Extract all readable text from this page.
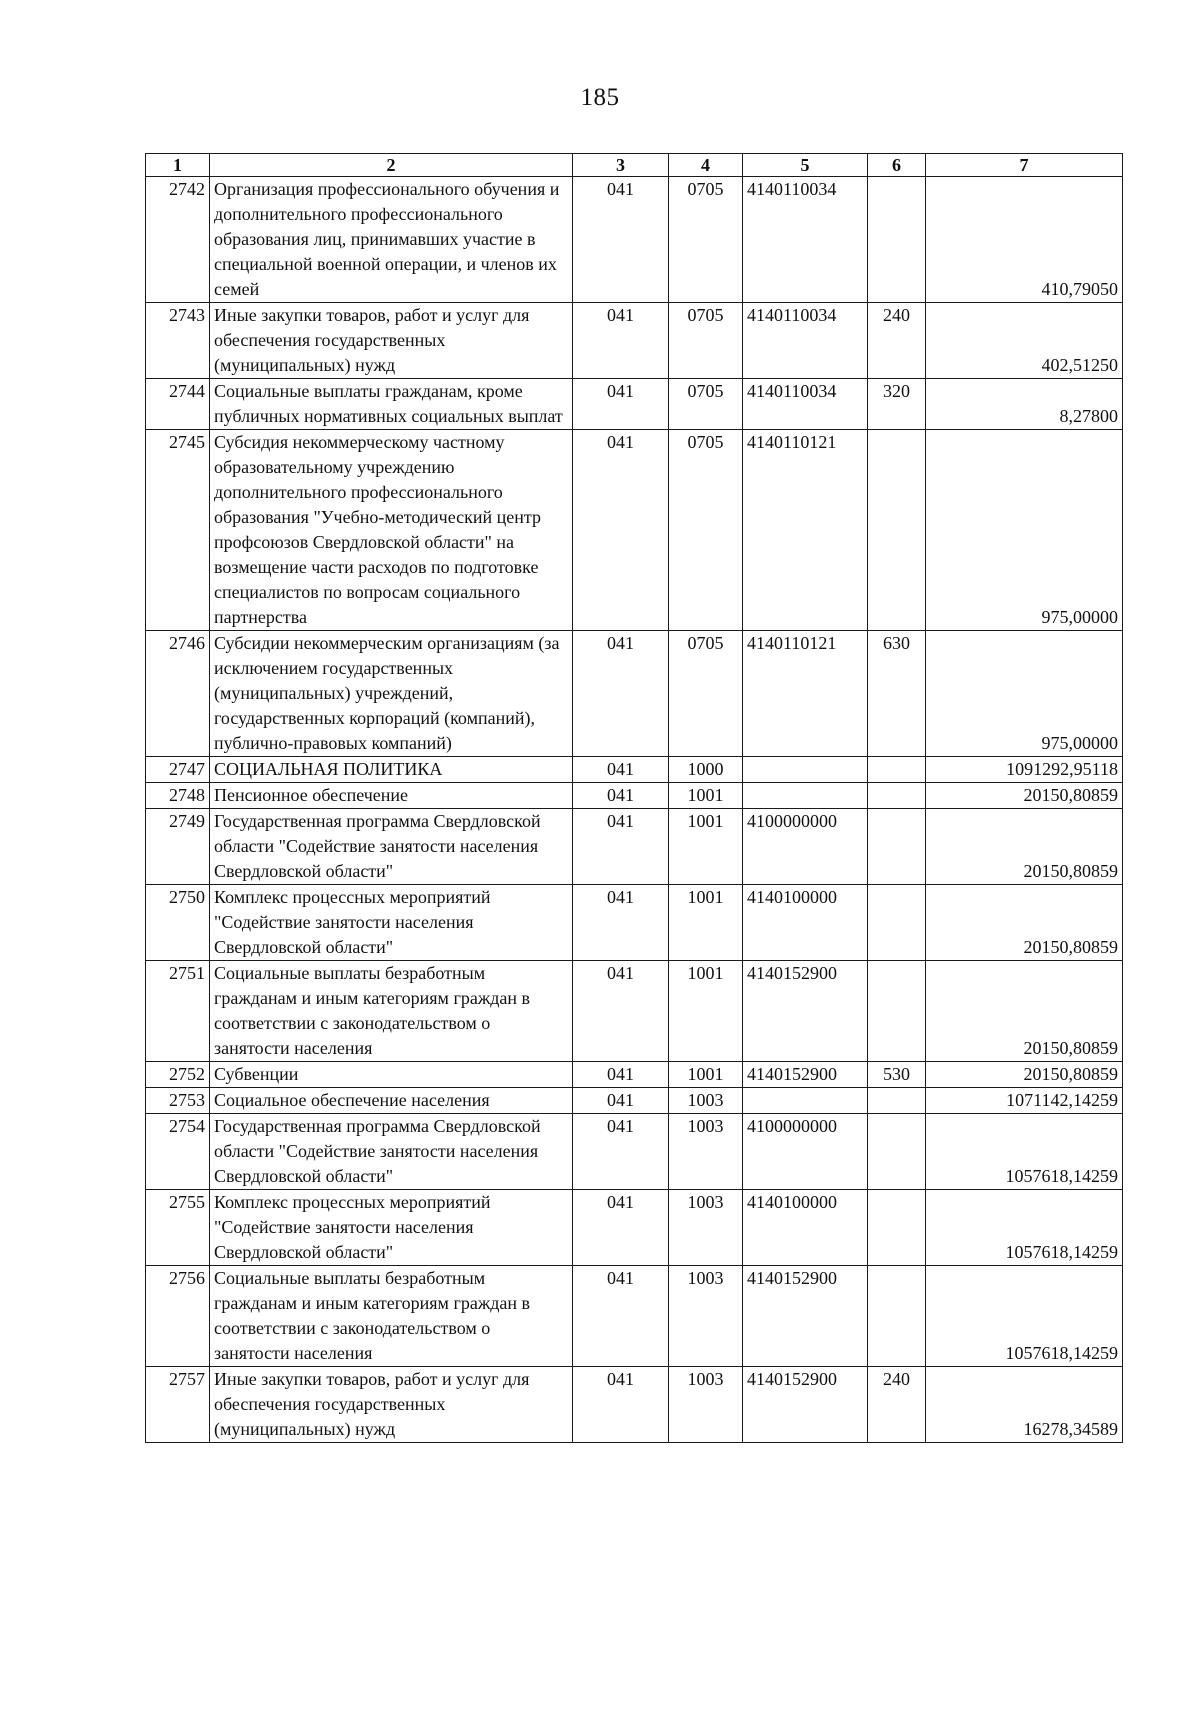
185
1	2	3	4	5	6	7
2742	Организация профессионального обучения и дополнительного профессионального образования лиц, принимавших участие в специальной военной операции, и членов их семей	041	0705	4140110034		410,79050
2743	Иные закупки товаров, работ и услуг для обеспечения государственных (муниципальных) нужд	041	0705	4140110034	240	402,51250
2744	Социальные выплаты гражданам, кроме публичных нормативных социальных выплат	041	0705	4140110034	320	8,27800
2745	Субсидия некоммерческому частному образовательному учреждению дополнительного профессионального образования "Учебно-методический центр профсоюзов Свердловской области" на возмещение части расходов по подготовке специалистов по вопросам социального партнерства	041	0705	4140110121		975,00000
2746	Субсидии некоммерческим организациям (за исключением государственных (муниципальных) учреждений, государственных корпораций (компаний), публично-правовых компаний)	041	0705	4140110121	630	975,00000
2747	СОЦИАЛЬНАЯ ПОЛИТИКА	041	1000			1091292,95118
2748	Пенсионное обеспечение	041	1001			20150,80859
2749	Государственная программа Свердловской области "Содействие занятости населения Свердловской области"	041	1001	4100000000		20150,80859
2750	Комплекс процессных мероприятий "Содействие занятости населения Свердловской области"	041	1001	4140100000		20150,80859
2751	Социальные выплаты безработным гражданам и иным категориям граждан в соответствии с законодательством о занятости населения	041	1001	4140152900		20150,80859
2752	Субвенции	041	1001	4140152900	530	20150,80859
2753	Социальное обеспечение населения	041	1003			1071142,14259
2754	Государственная программа Свердловской области "Содействие занятости населения Свердловской области"	041	1003	4100000000		1057618,14259
2755	Комплекс процессных мероприятий "Содействие занятости населения Свердловской области"	041	1003	4140100000		1057618,14259
2756	Социальные выплаты безработным гражданам и иным категориям граждан в соответствии с законодательством о занятости населения	041	1003	4140152900		1057618,14259
2757	Иные закупки товаров, работ и услуг для обеспечения государственных (муниципальных) нужд	041	1003	4140152900	240	16278,34589
